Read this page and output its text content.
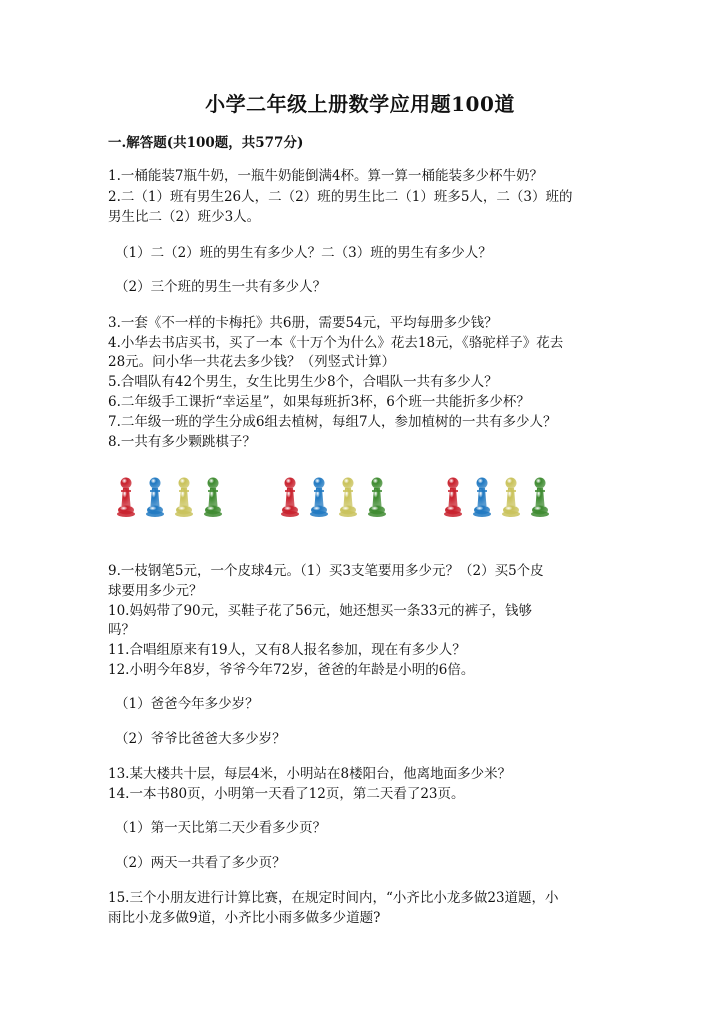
小学二年级上册数学应用题100道
一.解答题(共100题，共577分)
1.一桶能装7瓶牛奶，一瓶牛奶能倒满4杯。算一算一桶能装多少杯牛奶？
2.二（1）班有男生26人，二（2）班的男生比二（1）班多5人，二（3）班的
男生比二（2）班少3人。
（1）二（2）班的男生有多少人？二（3）班的男生有多少人？
（2）三个班的男生一共有多少人？
3.一套《不一样的卡梅托》共6册，需要54元，平均每册多少钱？
4.小华去书店买书，买了一本《十万个为什么》花去18元，《骆驼样子》花去
28元。问小华一共花去多少钱？（列竖式计算）
5.合唱队有42个男生，女生比男生少8个，合唱队一共有多少人？
6.二年级手工课折“幸运星”，如果每班折3杯，6个班一共能折多少杯？
7.二年级一班的学生分成6组去植树，每组7人，参加植树的一共有多少人？
8.一共有多少颗跳棋子？
9.一枝钢笔5元，一个皮球4元。（1）买3支笔要用多少元？（2）买5个皮
球要用多少元？
10.妈妈带了90元，买鞋子花了56元，她还想买一条33元的裤子，钱够
吗？
11.合唱组原来有19人，又有8人报名参加，现在有多少人？
12.小明今年8岁，爷爷今年72岁，爸爸的年龄是小明的6倍。
（1）爸爸今年多少岁？
（2）爷爷比爸爸大多少岁？
13.某大楼共十层，每层4米，小明站在8楼阳台，他离地面多少米？
14.一本书80页，小明第一天看了12页，第二天看了23页。
（1）第一天比第二天少看多少页？
（2）两天一共看了多少页？
15.三个小朋友进行计算比赛，在规定时间内，“小齐比小龙多做23道题，小
雨比小龙多做9道，小齐比小雨多做多少道题?
